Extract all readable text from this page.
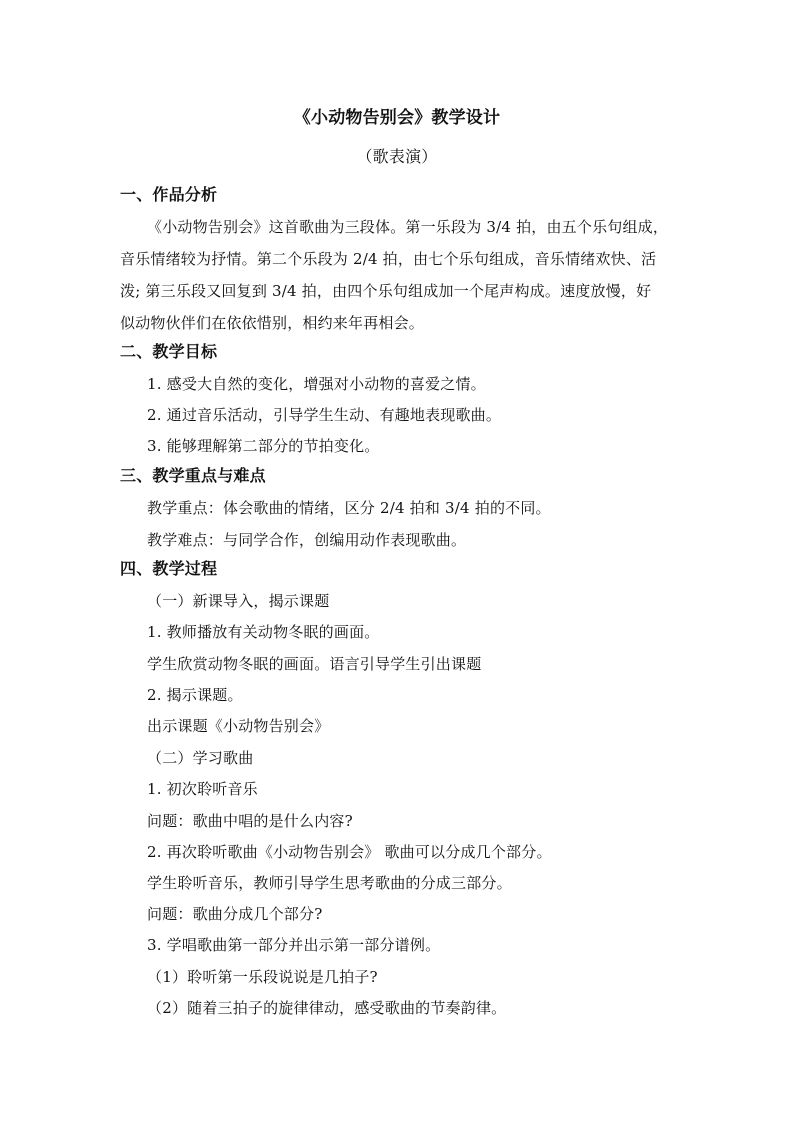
《小动物告别会》教学设计
（歌表演）
一、作品分析
《小动物告别会》这首歌曲为三段体。第一乐段为 3/4 拍，由五个乐句组成，
音乐情绪较为抒情。第二个乐段为 2/4 拍，由七个乐句组成，音乐情绪欢快、活
泼; 第三乐段又回复到 3/4 拍，由四个乐句组成加一个尾声构成。速度放慢，好
似动物伙伴们在依依惜别，相约来年再相会。
二、教学目标
1. 感受大自然的变化，增强对小动物的喜爱之情。
2. 通过音乐活动，引导学生生动、有趣地表现歌曲。
3. 能够理解第二部分的节拍变化。
三、教学重点与难点
教学重点：体会歌曲的情绪，区分 2/4 拍和 3/4 拍的不同。
教学难点：与同学合作，创编用动作表现歌曲。
四、教学过程
（一）新课导入，揭示课题
1. 教师播放有关动物冬眠的画面。
学生欣赏动物冬眠的画面。语言引导学生引出课题
2. 揭示课题。
出示课题《小动物告别会》
（二）学习歌曲
1. 初次聆听音乐
问题：歌曲中唱的是什么内容?
2. 再次聆听歌曲《小动物告别会》 歌曲可以分成几个部分。
学生聆听音乐，教师引导学生思考歌曲的分成三部分。
问题：歌曲分成几个部分?
3. 学唱歌曲第一部分并出示第一部分谱例。
（1）聆听第一乐段说说是几拍子?
（2）随着三拍子的旋律律动，感受歌曲的节奏韵律。
